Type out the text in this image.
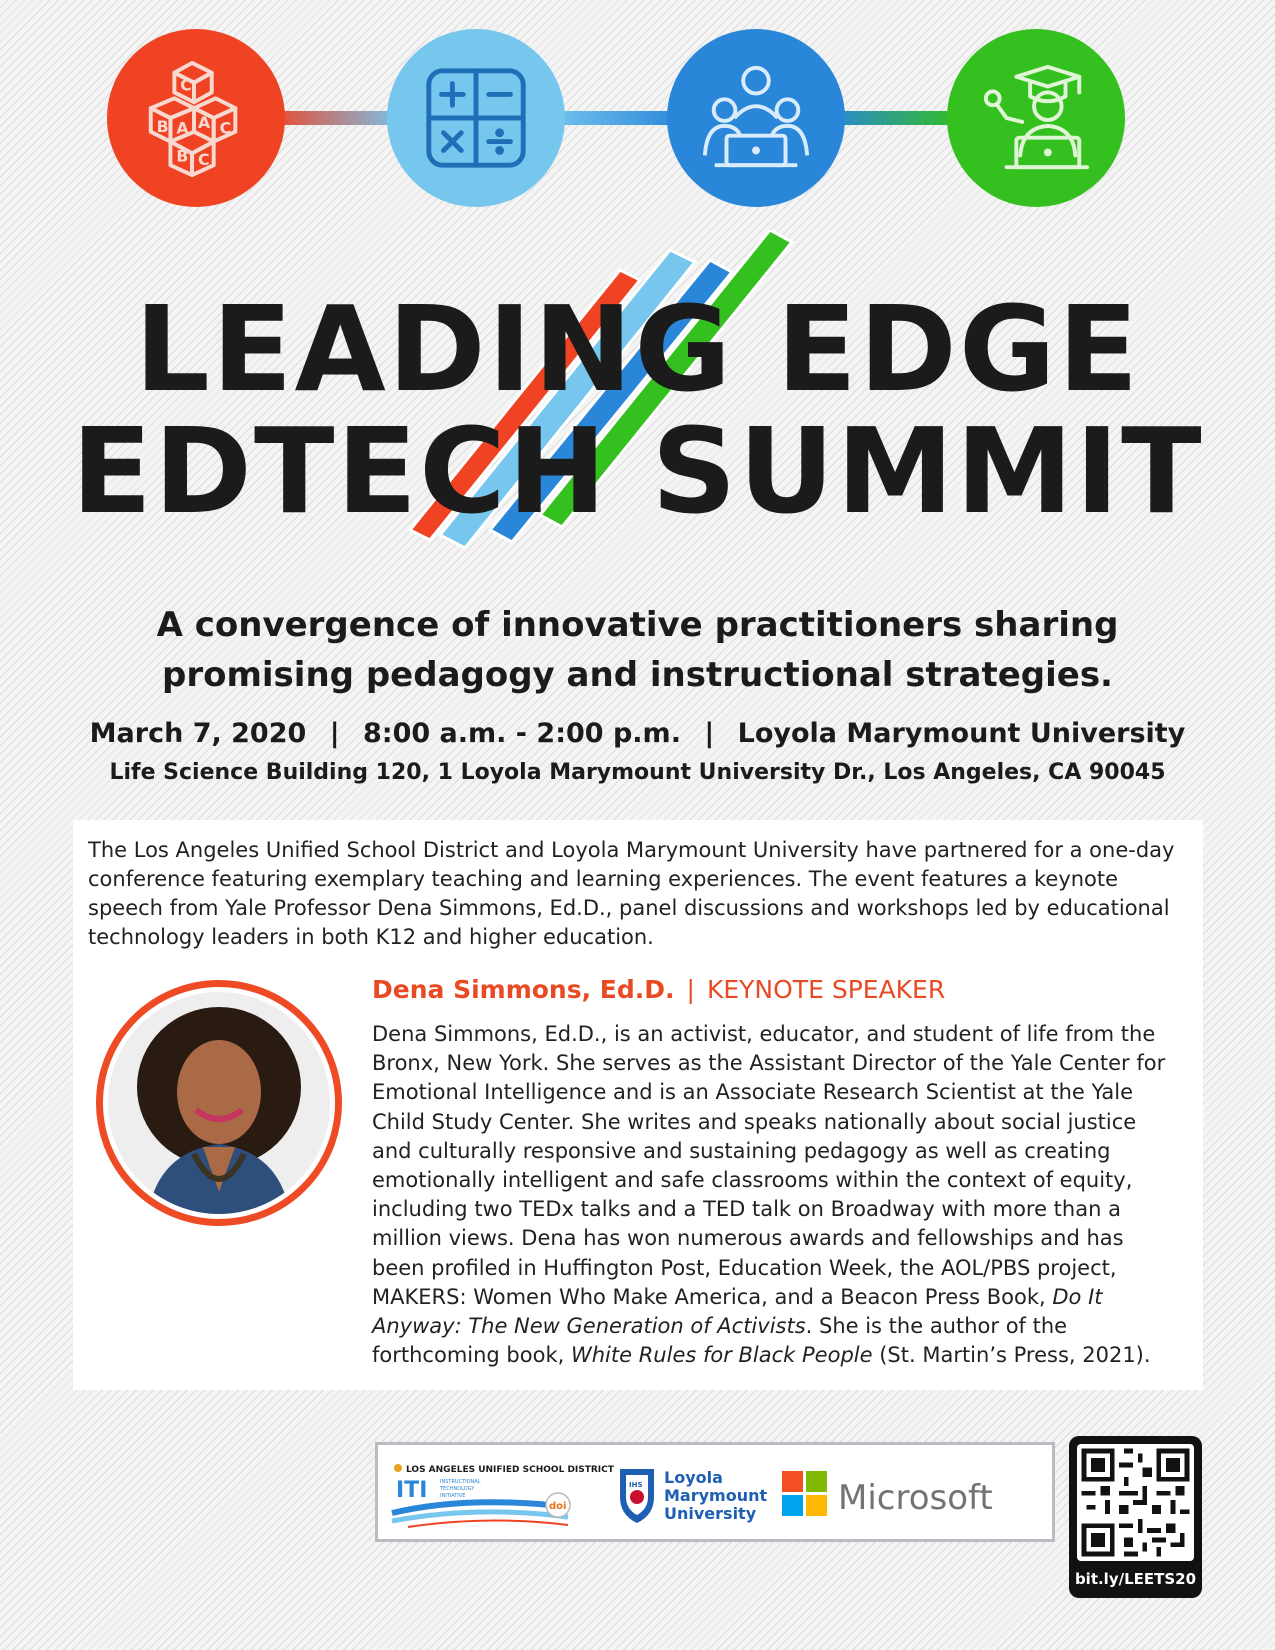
C
B A A C
B C
LEADING EDGE
EDTECH SUMMIT
A convergence of innovative practitioners sharing
promising pedagogy and instructional strategies.
March 7, 2020 | 8:00 a.m. - 2:00 p.m. | Loyola Marymount University
Life Science Building 120, 1 Loyola Marymount University Dr., Los Angeles, CA 90045
The Los Angeles Unified School District and Loyola Marymount University have partnered for a one-day conference featuring exemplary teaching and learning experiences. The event features a keynote speech from Yale Professor Dena Simmons, Ed.D., panel discussions and workshops led by educational technology leaders in both K12 and higher education.
Dena Simmons, Ed.D. | KEYNOTE SPEAKER
Dena Simmons, Ed.D., is an activist, educator, and student of life from the Bronx, New York. She serves as the Assistant Director of the Yale Center for Emotional Intelligence and is an Associate Research Scientist at the Yale Child Study Center. She writes and speaks nationally about social justice and culturally responsive and sustaining pedagogy as well as creating emotionally intelligent and safe classrooms within the context of equity, including two TEDx talks and a TED talk on Broadway with more than a million views. Dena has won numerous awards and fellowships and has been profiled in Huffington Post, Education Week, the AOL/PBS project, MAKERS: Women Who Make America, and a Beacon Press Book, Do It Anyway: The New Generation of Activists. She is the author of the forthcoming book, White Rules for Black People (St. Martin’s Press, 2021).
LOS ANGELES UNIFIED SCHOOL DISTRICT
ITI	INSTRUCTIONAL
TECHNOLOGY
INITIATIVE
doi
IHS Loyola
Marymount
University Microsoft
bit.ly/LEETS20
